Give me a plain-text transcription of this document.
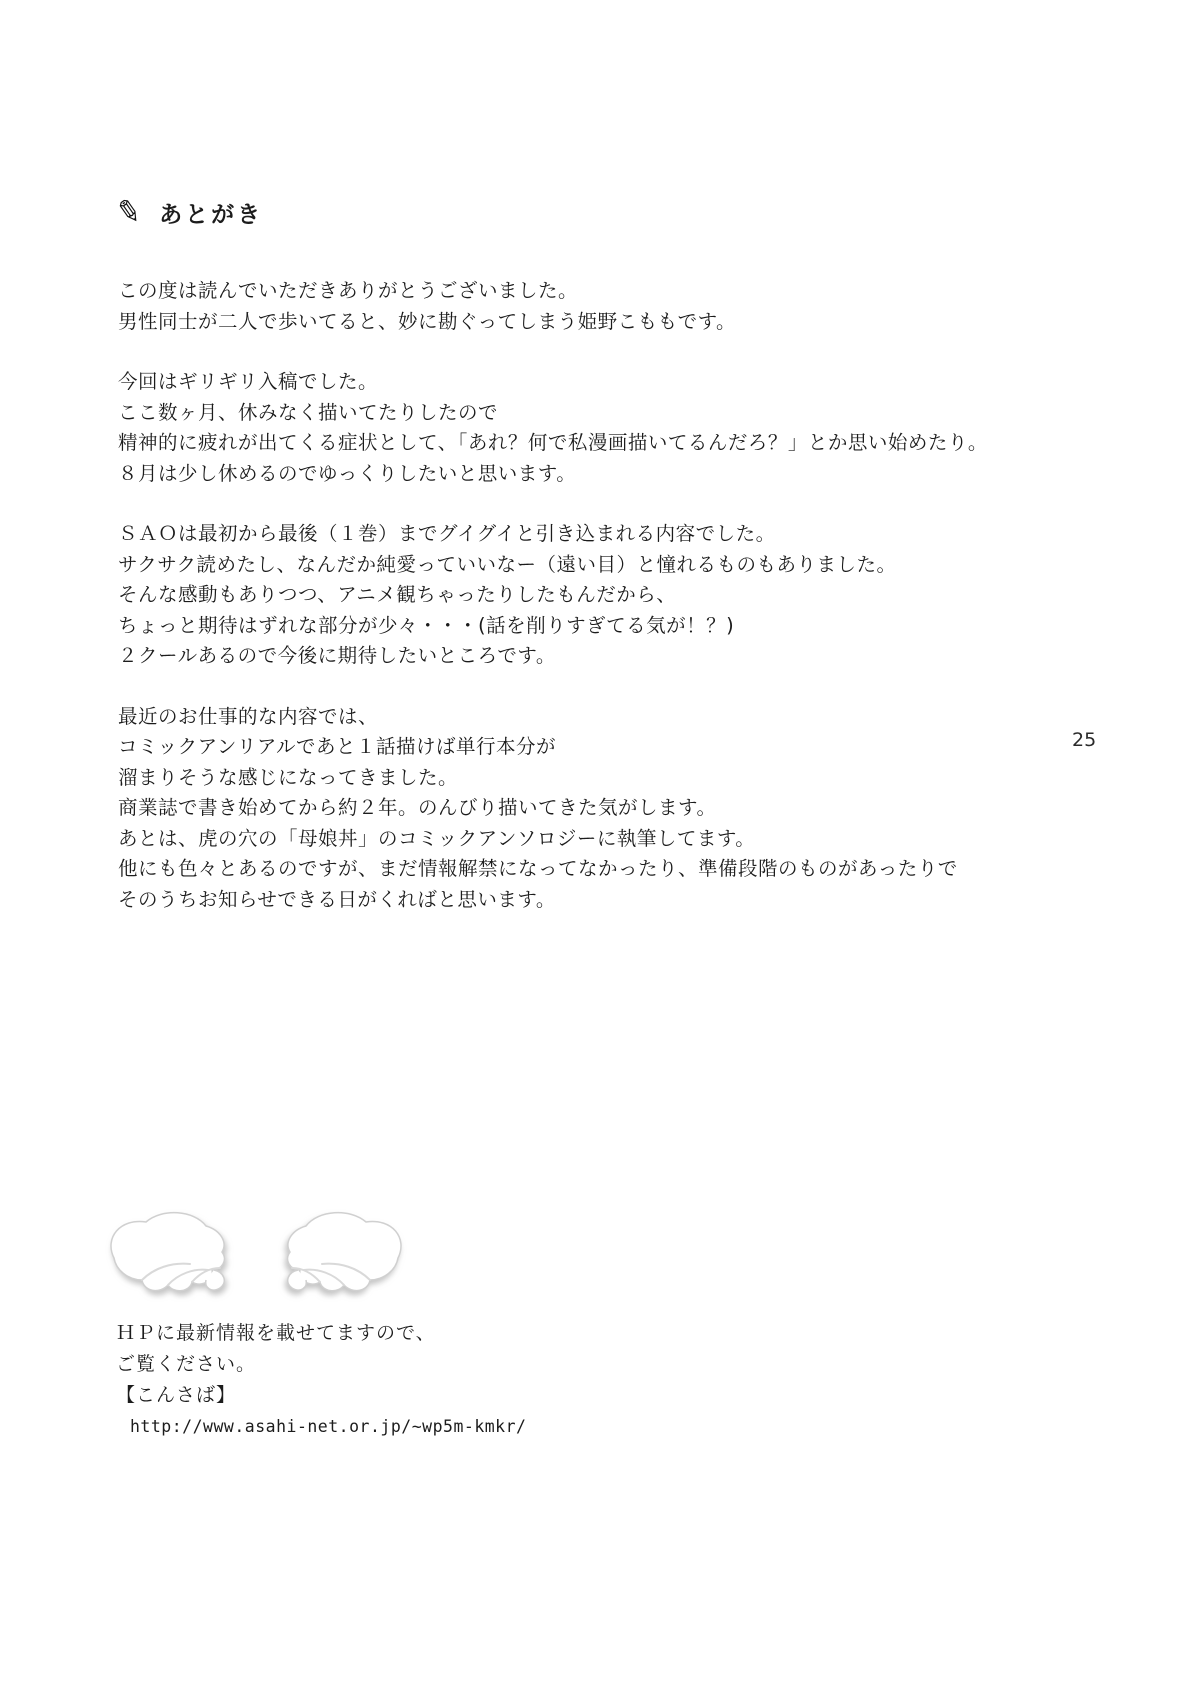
✎ あとがき
この度は読んでいただきありがとうございました。
男性同士が二人で歩いてると、妙に勘ぐってしまう姫野こももです。
今回はギリギリ入稿でした。
ここ数ヶ月、休みなく描いてたりしたので
精神的に疲れが出てくる症状として、「あれ？何で私漫画描いてるんだろ？」とか思い始めたり。
８月は少し休めるのでゆっくりしたいと思います。
ＳＡＯは最初から最後（１巻）までグイグイと引き込まれる内容でした。
サクサク読めたし、なんだか純愛っていいなー（遠い目）と憧れるものもありました。
そんな感動もありつつ、アニメ観ちゃったりしたもんだから、
ちょっと期待はずれな部分が少々・・・(話を削りすぎてる気が！？)
２クールあるので今後に期待したいところです。
最近のお仕事的な内容では、
コミックアンリアルであと１話描けば単行本分が
溜まりそうな感じになってきました。
商業誌で書き始めてから約２年。のんびり描いてきた気がします。
あとは、虎の穴の「母娘丼」のコミックアンソロジーに執筆してます。
他にも色々とあるのですが、まだ情報解禁になってなかったり、準備段階のものがあったりで
そのうちお知らせできる日がくればと思います。
25
ＨＰに最新情報を載せてますので、
ご覧ください。
【こんさば】
http://www.asahi-net.or.jp/~wp5m-kmkr/
